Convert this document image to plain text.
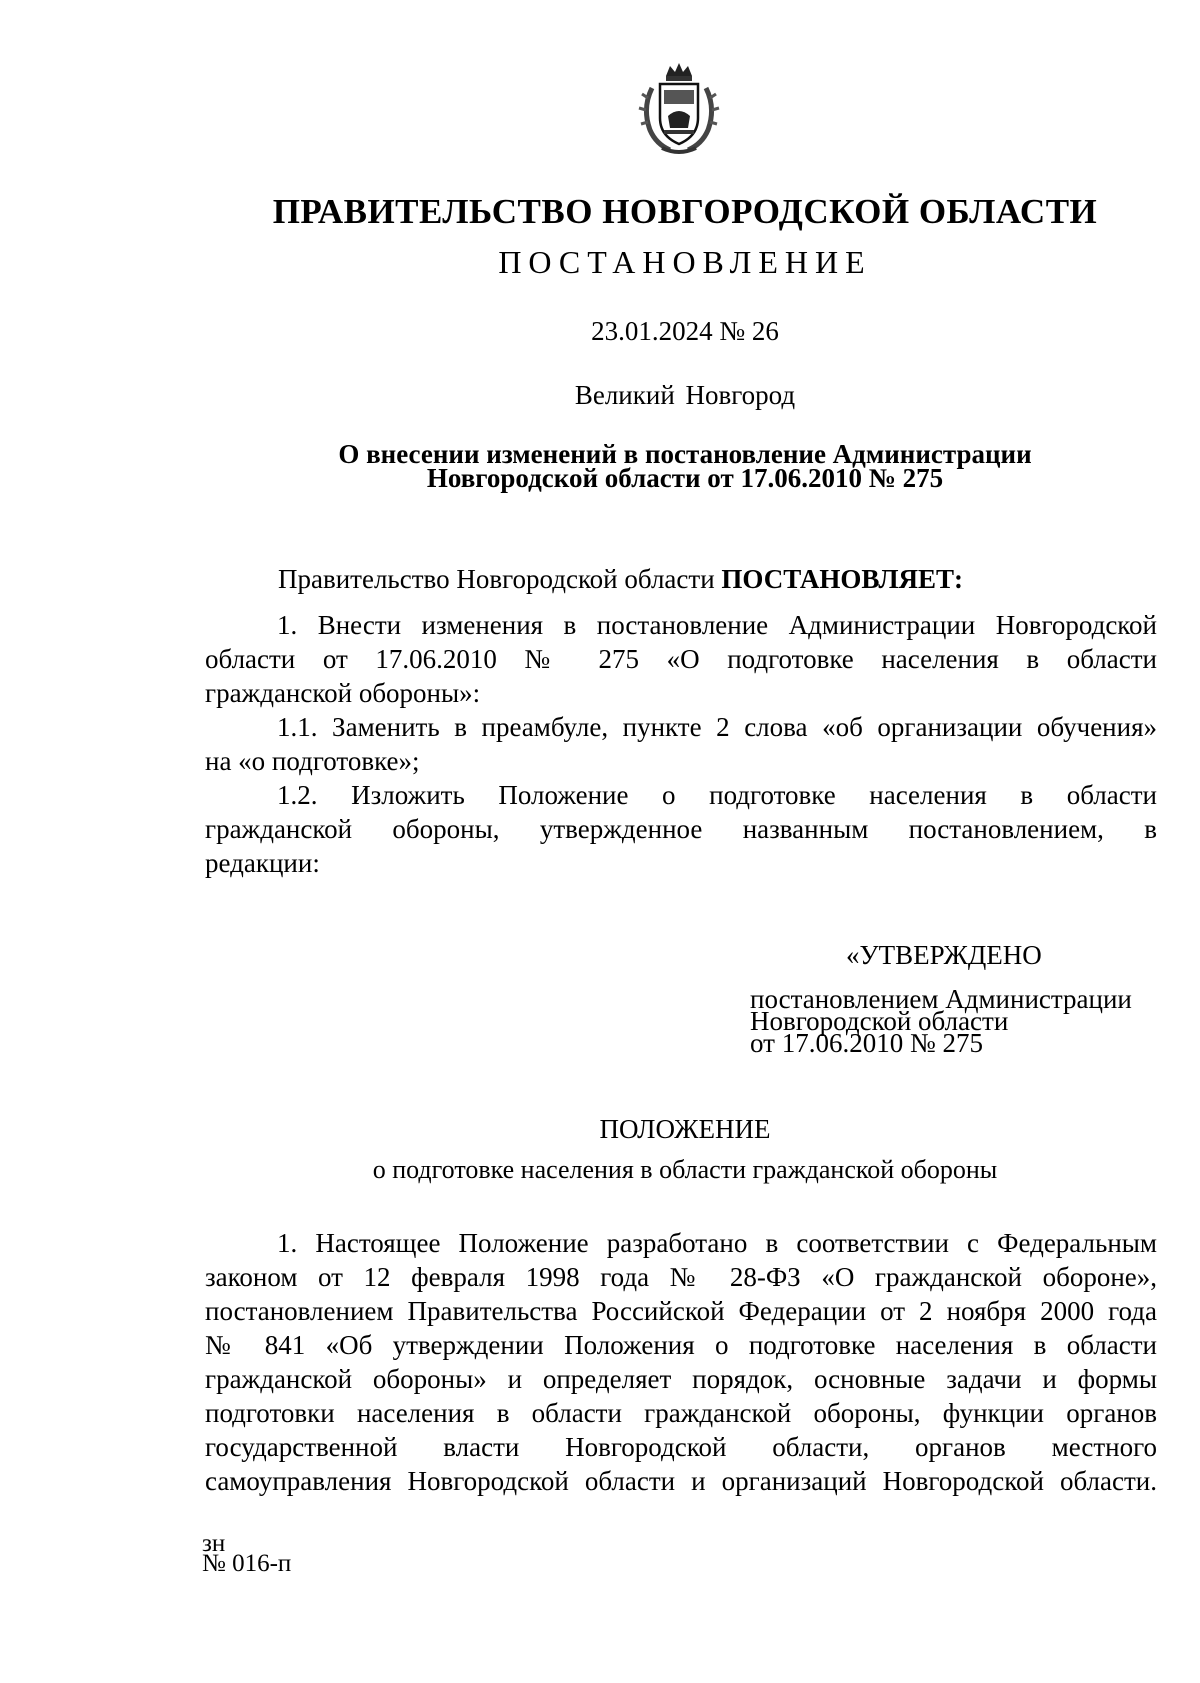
ПРАВИТЕЛЬСТВО НОВГОРОДСКОЙ ОБЛАСТИ
ПОСТАНОВЛЕНИЕ
23.01.2024 № 26
Великий Новгород
О внесении изменений в постановление Администрации
Новгородской области от 17.06.2010 № 275
Правительство Новгородской области ПОСТАНОВЛЯЕТ:
1. Внести изменения в постановление Администрации Новгородской
области от 17.06.2010 № 275 «О подготовке населения в области
гражданской обороны»:
1.1. Заменить в преамбуле, пункте 2 слова «об организации обучения»
на «о подготовке»;
1.2. Изложить Положение о подготовке населения в области
гражданской обороны, утвержденное названным постановлением, в
редакции:
«УТВЕРЖДЕНО
постановлением Администрации
Новгородской области
от 17.06.2010 № 275
ПОЛОЖЕНИЕ
о подготовке населения в области гражданской обороны
1. Настоящее Положение разработано в соответствии с Федеральным
законом от 12 февраля 1998 года № 28-ФЗ «О гражданской обороне»,
постановлением Правительства Российской Федерации от 2 ноября 2000 года
№ 841 «Об утверждении Положения о подготовке населения в области
гражданской обороны» и определяет порядок, основные задачи и формы
подготовки населения в области гражданской обороны, функции органов
государственной власти Новгородской области, органов местного
самоуправления Новгородской области и организаций Новгородской области.
зн
№ 016-п
